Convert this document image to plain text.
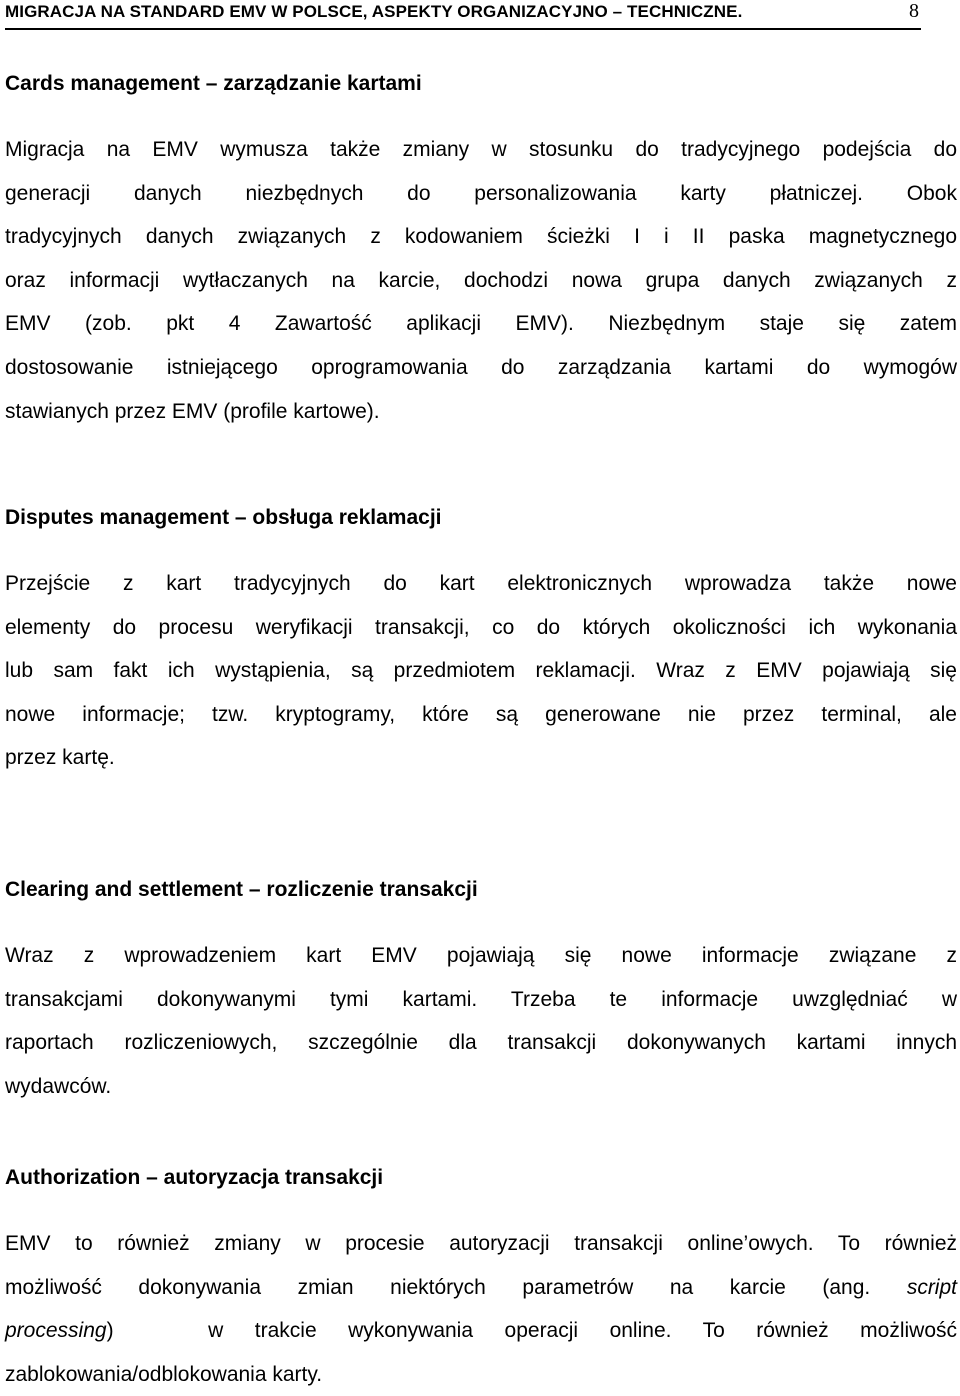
MIGRACJA NA STANDARD EMV W POLSCE, ASPEKTY ORGANIZACYJNO – TECHNICZNE.	8
Cards management – zarządzanie kartami
Migracja na EMV wymusza także zmiany w stosunku do tradycyjnego podejścia do
generacji danych niezbędnych do personalizowania karty płatniczej. Obok
tradycyjnych danych związanych z kodowaniem ścieżki I i II paska magnetycznego
oraz informacji wytłaczanych na karcie, dochodzi nowa grupa danych związanych z
EMV (zob. pkt 4 Zawartość aplikacji EMV). Niezbędnym staje się zatem
dostosowanie istniejącego oprogramowania do zarządzania kartami do wymogów
stawianych przez EMV (profile kartowe).
Disputes management – obsługa reklamacji
Przejście z kart tradycyjnych do kart elektronicznych wprowadza także nowe
elementy do procesu weryfikacji transakcji, co do których okoliczności ich wykonania
lub sam fakt ich wystąpienia, są przedmiotem reklamacji. Wraz z EMV pojawiają się
nowe informacje; tzw. kryptogramy, które są generowane nie przez terminal, ale
przez kartę.
Clearing and settlement – rozliczenie transakcji
Wraz z wprowadzeniem kart EMV pojawiają się nowe informacje związane z
transakcjami dokonywanymi tymi kartami. Trzeba te informacje uwzględniać w
raportach rozliczeniowych, szczególnie dla transakcji dokonywanych kartami innych
wydawców.
Authorization – autoryzacja transakcji
EMV to również zmiany w procesie autoryzacji transakcji online’owych. To również
możliwość dokonywania zmian niektórych parametrów na karcie (ang. script
processing)	w trakcie wykonywania operacji online. To również możliwość
zablokowania/odblokowania karty.
